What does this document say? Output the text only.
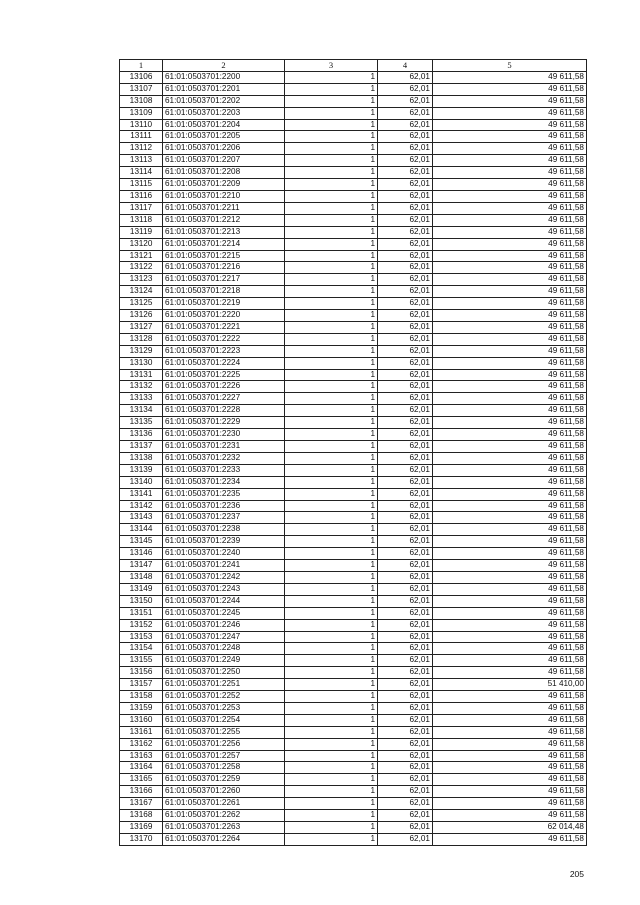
1	2	3	4	5
13106	61:01:0503701:2200	1	62,01	49 611,58
13107	61:01:0503701:2201	1	62,01	49 611,58
13108	61:01:0503701:2202	1	62,01	49 611,58
13109	61:01:0503701:2203	1	62,01	49 611,58
13110	61:01:0503701:2204	1	62,01	49 611,58
13111	61:01:0503701:2205	1	62,01	49 611,58
13112	61:01:0503701:2206	1	62,01	49 611,58
13113	61:01:0503701:2207	1	62,01	49 611,58
13114	61:01:0503701:2208	1	62,01	49 611,58
13115	61:01:0503701:2209	1	62,01	49 611,58
13116	61:01:0503701:2210	1	62,01	49 611,58
13117	61:01:0503701:2211	1	62,01	49 611,58
13118	61:01:0503701:2212	1	62,01	49 611,58
13119	61:01:0503701:2213	1	62,01	49 611,58
13120	61:01:0503701:2214	1	62,01	49 611,58
13121	61:01:0503701:2215	1	62,01	49 611,58
13122	61:01:0503701:2216	1	62,01	49 611,58
13123	61:01:0503701:2217	1	62,01	49 611,58
13124	61:01:0503701:2218	1	62,01	49 611,58
13125	61:01:0503701:2219	1	62,01	49 611,58
13126	61:01:0503701:2220	1	62,01	49 611,58
13127	61:01:0503701:2221	1	62,01	49 611,58
13128	61:01:0503701:2222	1	62,01	49 611,58
13129	61:01:0503701:2223	1	62,01	49 611,58
13130	61:01:0503701:2224	1	62,01	49 611,58
13131	61:01:0503701:2225	1	62,01	49 611,58
13132	61:01:0503701:2226	1	62,01	49 611,58
13133	61:01:0503701:2227	1	62,01	49 611,58
13134	61:01:0503701:2228	1	62,01	49 611,58
13135	61:01:0503701:2229	1	62,01	49 611,58
13136	61:01:0503701:2230	1	62,01	49 611,58
13137	61:01:0503701:2231	1	62,01	49 611,58
13138	61:01:0503701:2232	1	62,01	49 611,58
13139	61:01:0503701:2233	1	62,01	49 611,58
13140	61:01:0503701:2234	1	62,01	49 611,58
13141	61:01:0503701:2235	1	62,01	49 611,58
13142	61:01:0503701:2236	1	62,01	49 611,58
13143	61:01:0503701:2237	1	62,01	49 611,58
13144	61:01:0503701:2238	1	62,01	49 611,58
13145	61:01:0503701:2239	1	62,01	49 611,58
13146	61:01:0503701:2240	1	62,01	49 611,58
13147	61:01:0503701:2241	1	62,01	49 611,58
13148	61:01:0503701:2242	1	62,01	49 611,58
13149	61:01:0503701:2243	1	62,01	49 611,58
13150	61:01:0503701:2244	1	62,01	49 611,58
13151	61:01:0503701:2245	1	62,01	49 611,58
13152	61:01:0503701:2246	1	62,01	49 611,58
13153	61:01:0503701:2247	1	62,01	49 611,58
13154	61:01:0503701:2248	1	62,01	49 611,58
13155	61:01:0503701:2249	1	62,01	49 611,58
13156	61:01:0503701:2250	1	62,01	49 611,58
13157	61:01:0503701:2251	1	62,01	51 410,00
13158	61:01:0503701:2252	1	62,01	49 611,58
13159	61:01:0503701:2253	1	62,01	49 611,58
13160	61:01:0503701:2254	1	62,01	49 611,58
13161	61:01:0503701:2255	1	62,01	49 611,58
13162	61:01:0503701:2256	1	62,01	49 611,58
13163	61:01:0503701:2257	1	62,01	49 611,58
13164	61:01:0503701:2258	1	62,01	49 611,58
13165	61:01:0503701:2259	1	62,01	49 611,58
13166	61:01:0503701:2260	1	62,01	49 611,58
13167	61:01:0503701:2261	1	62,01	49 611,58
13168	61:01:0503701:2262	1	62,01	49 611,58
13169	61:01:0503701:2263	1	62,01	62 014,48
13170	61:01:0503701:2264	1	62,01	49 611,58
205
